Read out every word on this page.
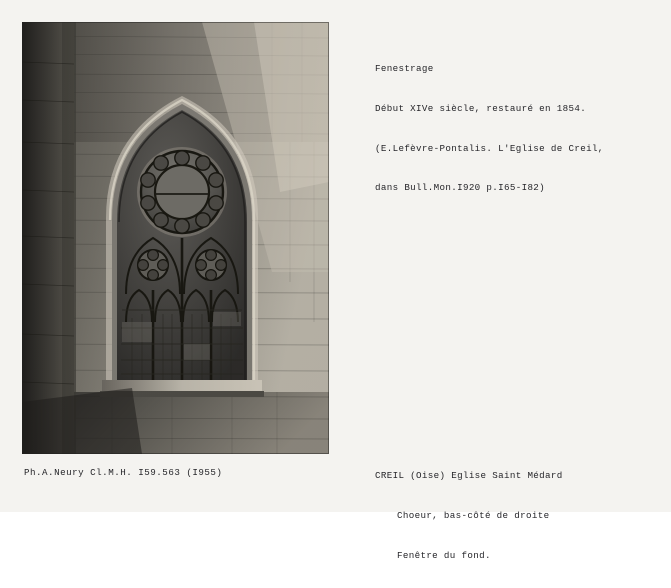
Fenestrage

Début XIVe siècle, restauré en 1854.

(E.Lefèvre-Pontalis. L'Eglise de Creil,

dans Bull.Mon.I920 p.I65-I82)

CREIL (Oise) Eglise Saint Médard

Choeur, bas-côté de droite

Fenêtre du fond.

Ph.A.Neury Cl.M.H. I59.563 (I955)
